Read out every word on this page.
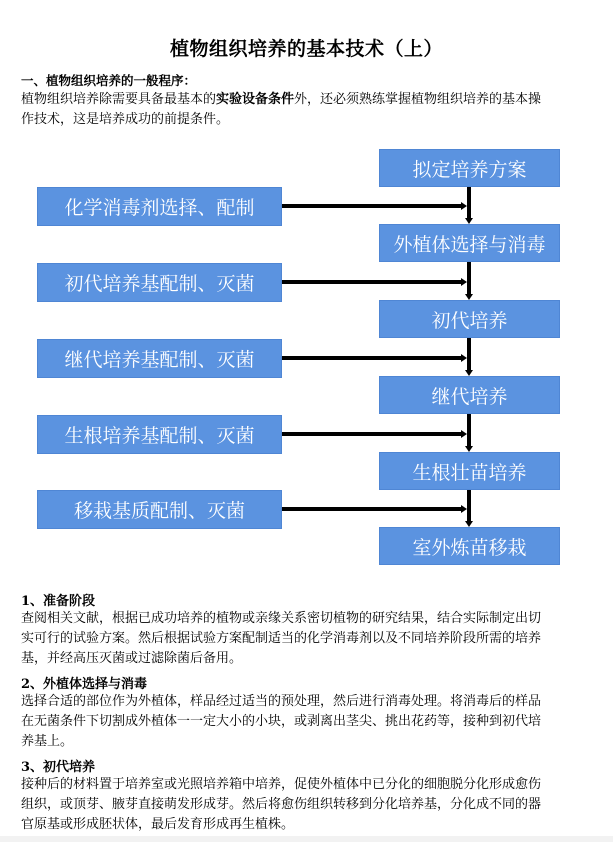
植物组织培养的基本技术（上）
一、植物组织培养的一般程序：
植物组织培养除需要具备最基本的实验设备条件外，还必须熟练掌握植物组织培养的基本操
作技术，这是培养成功的前提条件。
拟定培养方案
外植体选择与消毒
初代培养
继代培养
生根壮苗培养
室外炼苗移栽
化学消毒剂选择、配制
初代培养基配制、灭菌
继代培养基配制、灭菌
生根培养基配制、灭菌
移栽基质配制、灭菌
1、准备阶段
查阅相关文献，根据已成功培养的植物或亲缘关系密切植物的研究结果，结合实际制定出切
实可行的试验方案。然后根据试验方案配制适当的化学消毒剂以及不同培养阶段所需的培养
基，并经高压灭菌或过滤除菌后备用。
2、外植体选择与消毒
选择合适的部位作为外植体，样品经过适当的预处理，然后进行消毒处理。将消毒后的样品
在无菌条件下切割成外植体一一定大小的小块，或剥离出茎尖、挑出花药等，接种到初代培
养基上。
3、初代培养
接种后的材料置于培养室或光照培养箱中培养，促使外植体中已分化的细胞脱分化形成愈伤
组织，或顶芽、腋芽直接萌发形成芽。然后将愈伤组织转移到分化培养基，分化成不同的器
官原基或形成胚状体，最后发育形成再生植株。
